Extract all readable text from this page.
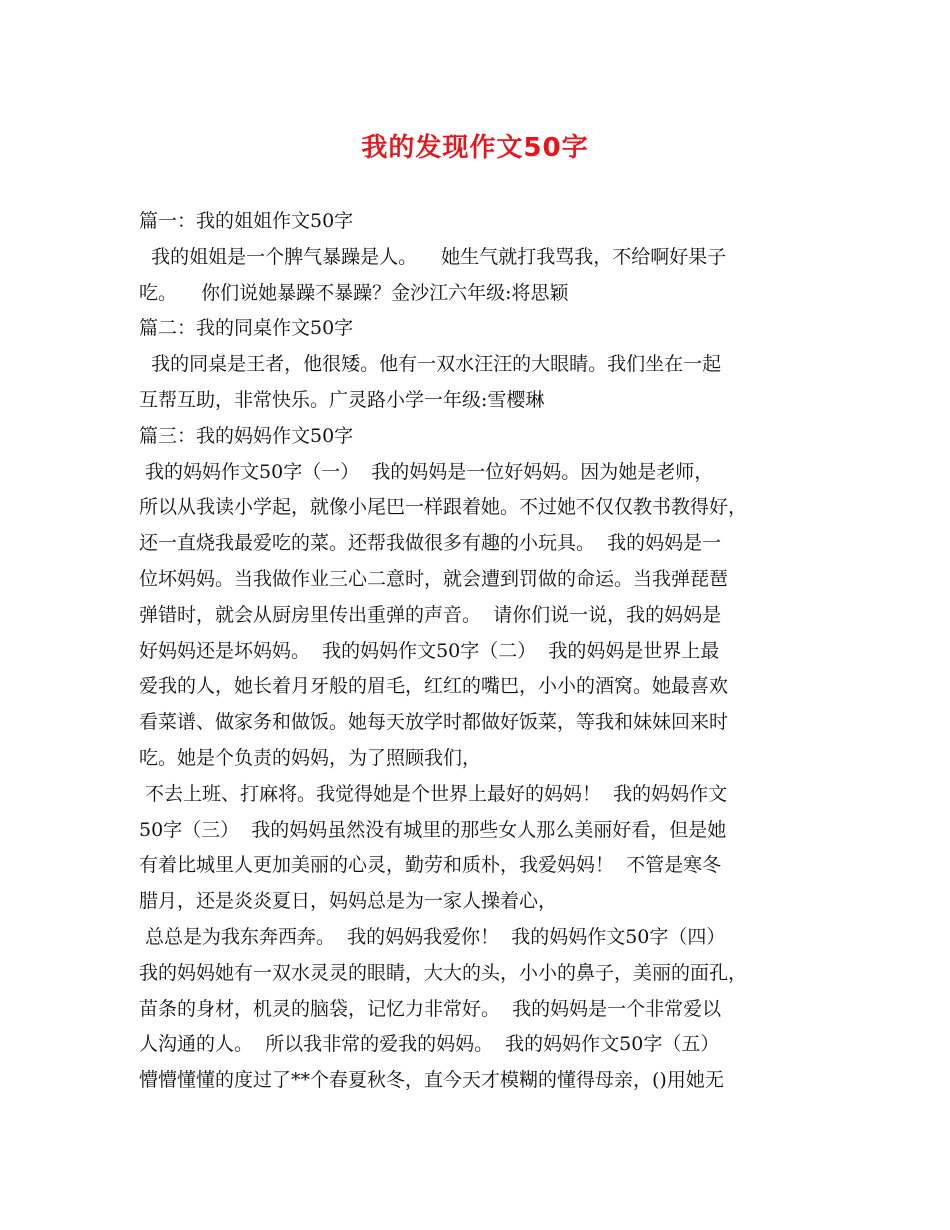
我的发现作文50字
篇一：我的姐姐作文50字
我的姐姐是一个脾气暴躁是人。    她生气就打我骂我，不给啊好果子
吃。    你们说她暴躁不暴躁？金沙江六年级:将思颖
篇二：我的同桌作文50字
我的同桌是王者，他很矮。他有一双水汪汪的大眼睛。我们坐在一起
互帮互助，非常快乐。广灵路小学一年级:雪樱琳
篇三：我的妈妈作文50字
我的妈妈作文50字（一）  我的妈妈是一位好妈妈。因为她是老师，
所以从我读小学起，就像小尾巴一样跟着她。不过她不仅仅教书教得好，
还一直烧我最爱吃的菜。还帮我做很多有趣的小玩具。  我的妈妈是一
位坏妈妈。当我做作业三心二意时，就会遭到罚做的命运。当我弹琵琶
弹错时，就会从厨房里传出重弹的声音。  请你们说一说，我的妈妈是
好妈妈还是坏妈妈。  我的妈妈作文50字（二）  我的妈妈是世界上最
爱我的人，她长着月牙般的眉毛，红红的嘴巴，小小的酒窝。她最喜欢
看菜谱、做家务和做饭。她每天放学时都做好饭菜，等我和妹妹回来时
吃。她是个负责的妈妈，为了照顾我们，
不去上班、打麻将。我觉得她是个世界上最好的妈妈！  我的妈妈作文
50字（三）  我的妈妈虽然没有城里的那些女人那么美丽好看，但是她
有着比城里人更加美丽的心灵，勤劳和质朴，我爱妈妈！  不管是寒冬
腊月，还是炎炎夏日，妈妈总是为一家人操着心，
总总是为我东奔西奔。  我的妈妈我爱你！  我的妈妈作文50字（四）
我的妈妈她有一双水灵灵的眼睛，大大的头，小小的鼻子，美丽的面孔，
苗条的身材，机灵的脑袋，记忆力非常好。  我的妈妈是一个非常爱以
人沟通的人。  所以我非常的爱我的妈妈。  我的妈妈作文50字（五）
懵懵懂懂的度过了**个春夏秋冬，直今天才模糊的懂得母亲，()用她无
